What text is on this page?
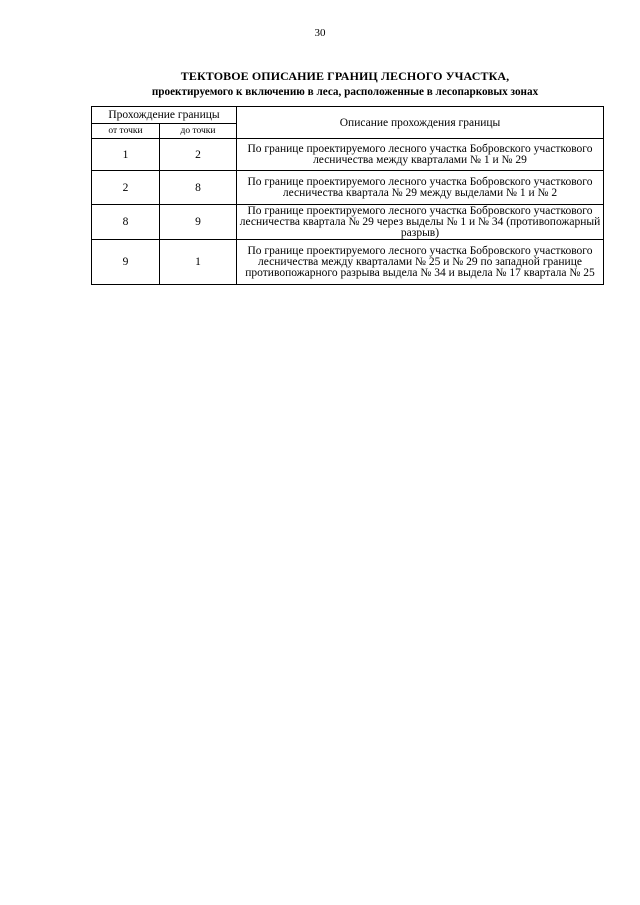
30
ТЕКТОВОЕ ОПИСАНИЕ ГРАНИЦ ЛЕСНОГО УЧАСТКА,
проектируемого к включению в леса, расположенные в лесопарковых зонах
Прохождение границы		Описание прохождения границы
от точки	до точки	
1	2	По границе проектируемого лесного участка Бобровского участкового лесничества между кварталами № 1 и № 29
2	8	По границе проектируемого лесного участка Бобровского участкового лесничества квартала № 29 между выделами № 1 и № 2
8	9	По границе проектируемого лесного участка Бобровского участкового лесничества квартала № 29 через выделы № 1 и № 34 (противопожарный разрыв)
9	1	По границе проектируемого лесного участка Бобровского участкового лесничества между кварталами № 25 и № 29 по западной границе противопожарного разрыва выдела № 34 и выдела № 17 квартала № 25
